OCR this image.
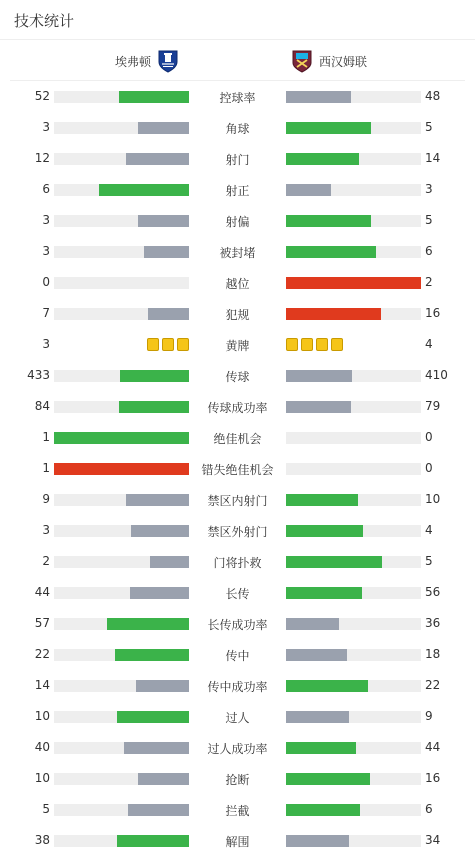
技术统计
埃弗顿	西汉姆联
52	控球率	48
3	角球	5
12	射门	14
6	射正	3
3	射偏	5
3	被封堵	6
0	越位	2
7	犯规	16
3	黄牌	4
433	传球	410
84	传球成功率	79
1	绝佳机会	0
1	错失绝佳机会	0
9	禁区内射门	10
3	禁区外射门	4
2	门将扑救	5
44	长传	56
57	长传成功率	36
22	传中	18
14	传中成功率	22
10	过人	9
40	过人成功率	44
10	抢断	16
5	拦截	6
38	解围	34
